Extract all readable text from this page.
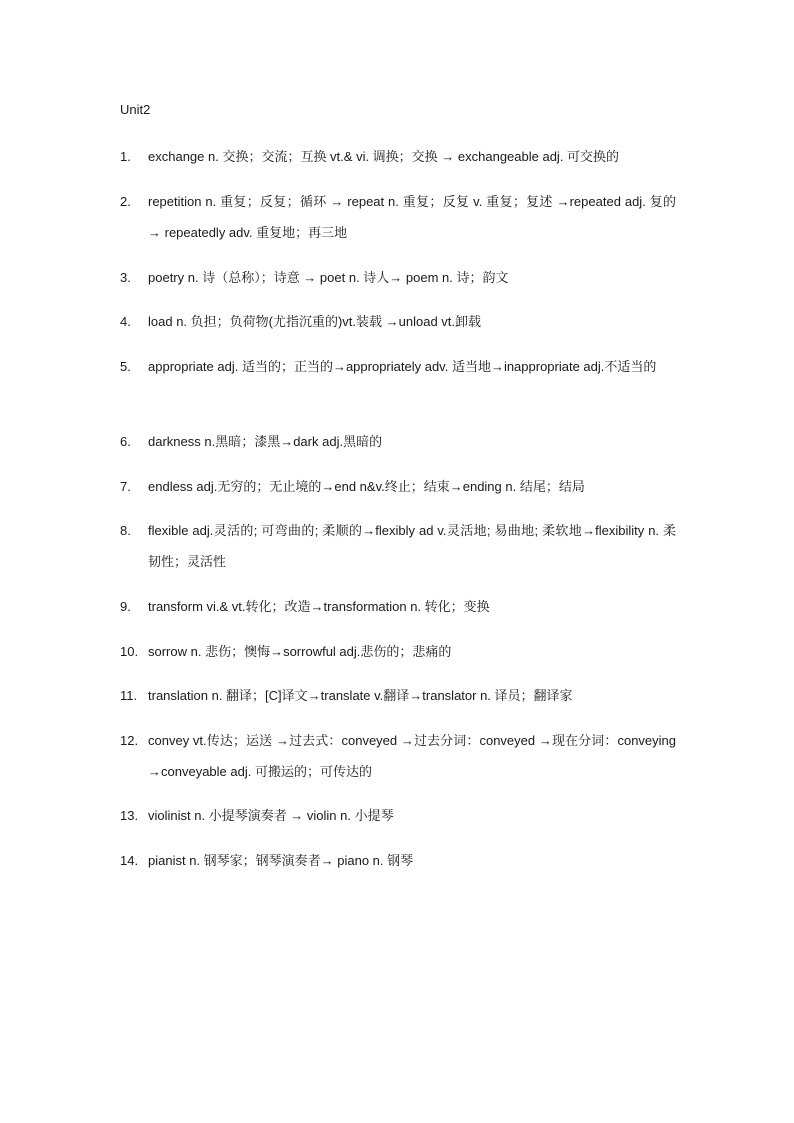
Unit2
1.	exchange n. 交换；交流；互换 vt.& vi. 调换；交换 → exchangeable adj. 可交换的
2.	repetition n. 重复；反复；循环 → repeat n. 重复；反复 v. 重复；复述 →repeated adj. 复的→ repeatedly adv. 重复地；再三地
3.	poetry n. 诗（总称）；诗意 → poet n. 诗人→ poem n. 诗；韵文
4.	load n. 负担；负荷物(尤指沉重的)vt.装载 →unload vt.卸载
5.	appropriate adj. 适当的；正当的→appropriately adv. 适当地→inappropriate adj.不适当的
6.	darkness n.黑暗；漆黑→dark adj.黑暗的
7.	endless adj.无穷的；无止境的→end n&v.终止；结束→ending n. 结尾；结局
8.	flexible adj.灵活的; 可弯曲的; 柔顺的→flexibly ad v.灵活地; 易曲地; 柔软地→flexibility n. 柔韧性；灵活性
9.	transform vi.& vt.转化；改造→transformation n. 转化；变换
10. sorrow n. 悲伤；懊悔→sorrowful adj.悲伤的；悲痛的
11. translation n. 翻译；[C]译文→translate v.翻译→translator n. 译员；翻译家
12. convey vt.传达；运送 →过去式：conveyed →过去分词：conveyed →现在分词：conveying →conveyable adj. 可搬运的；可传达的
13. violinist n. 小提琴演奏者 → violin n. 小提琴
14. pianist n. 钢琴家；钢琴演奏者→ piano n. 钢琴
